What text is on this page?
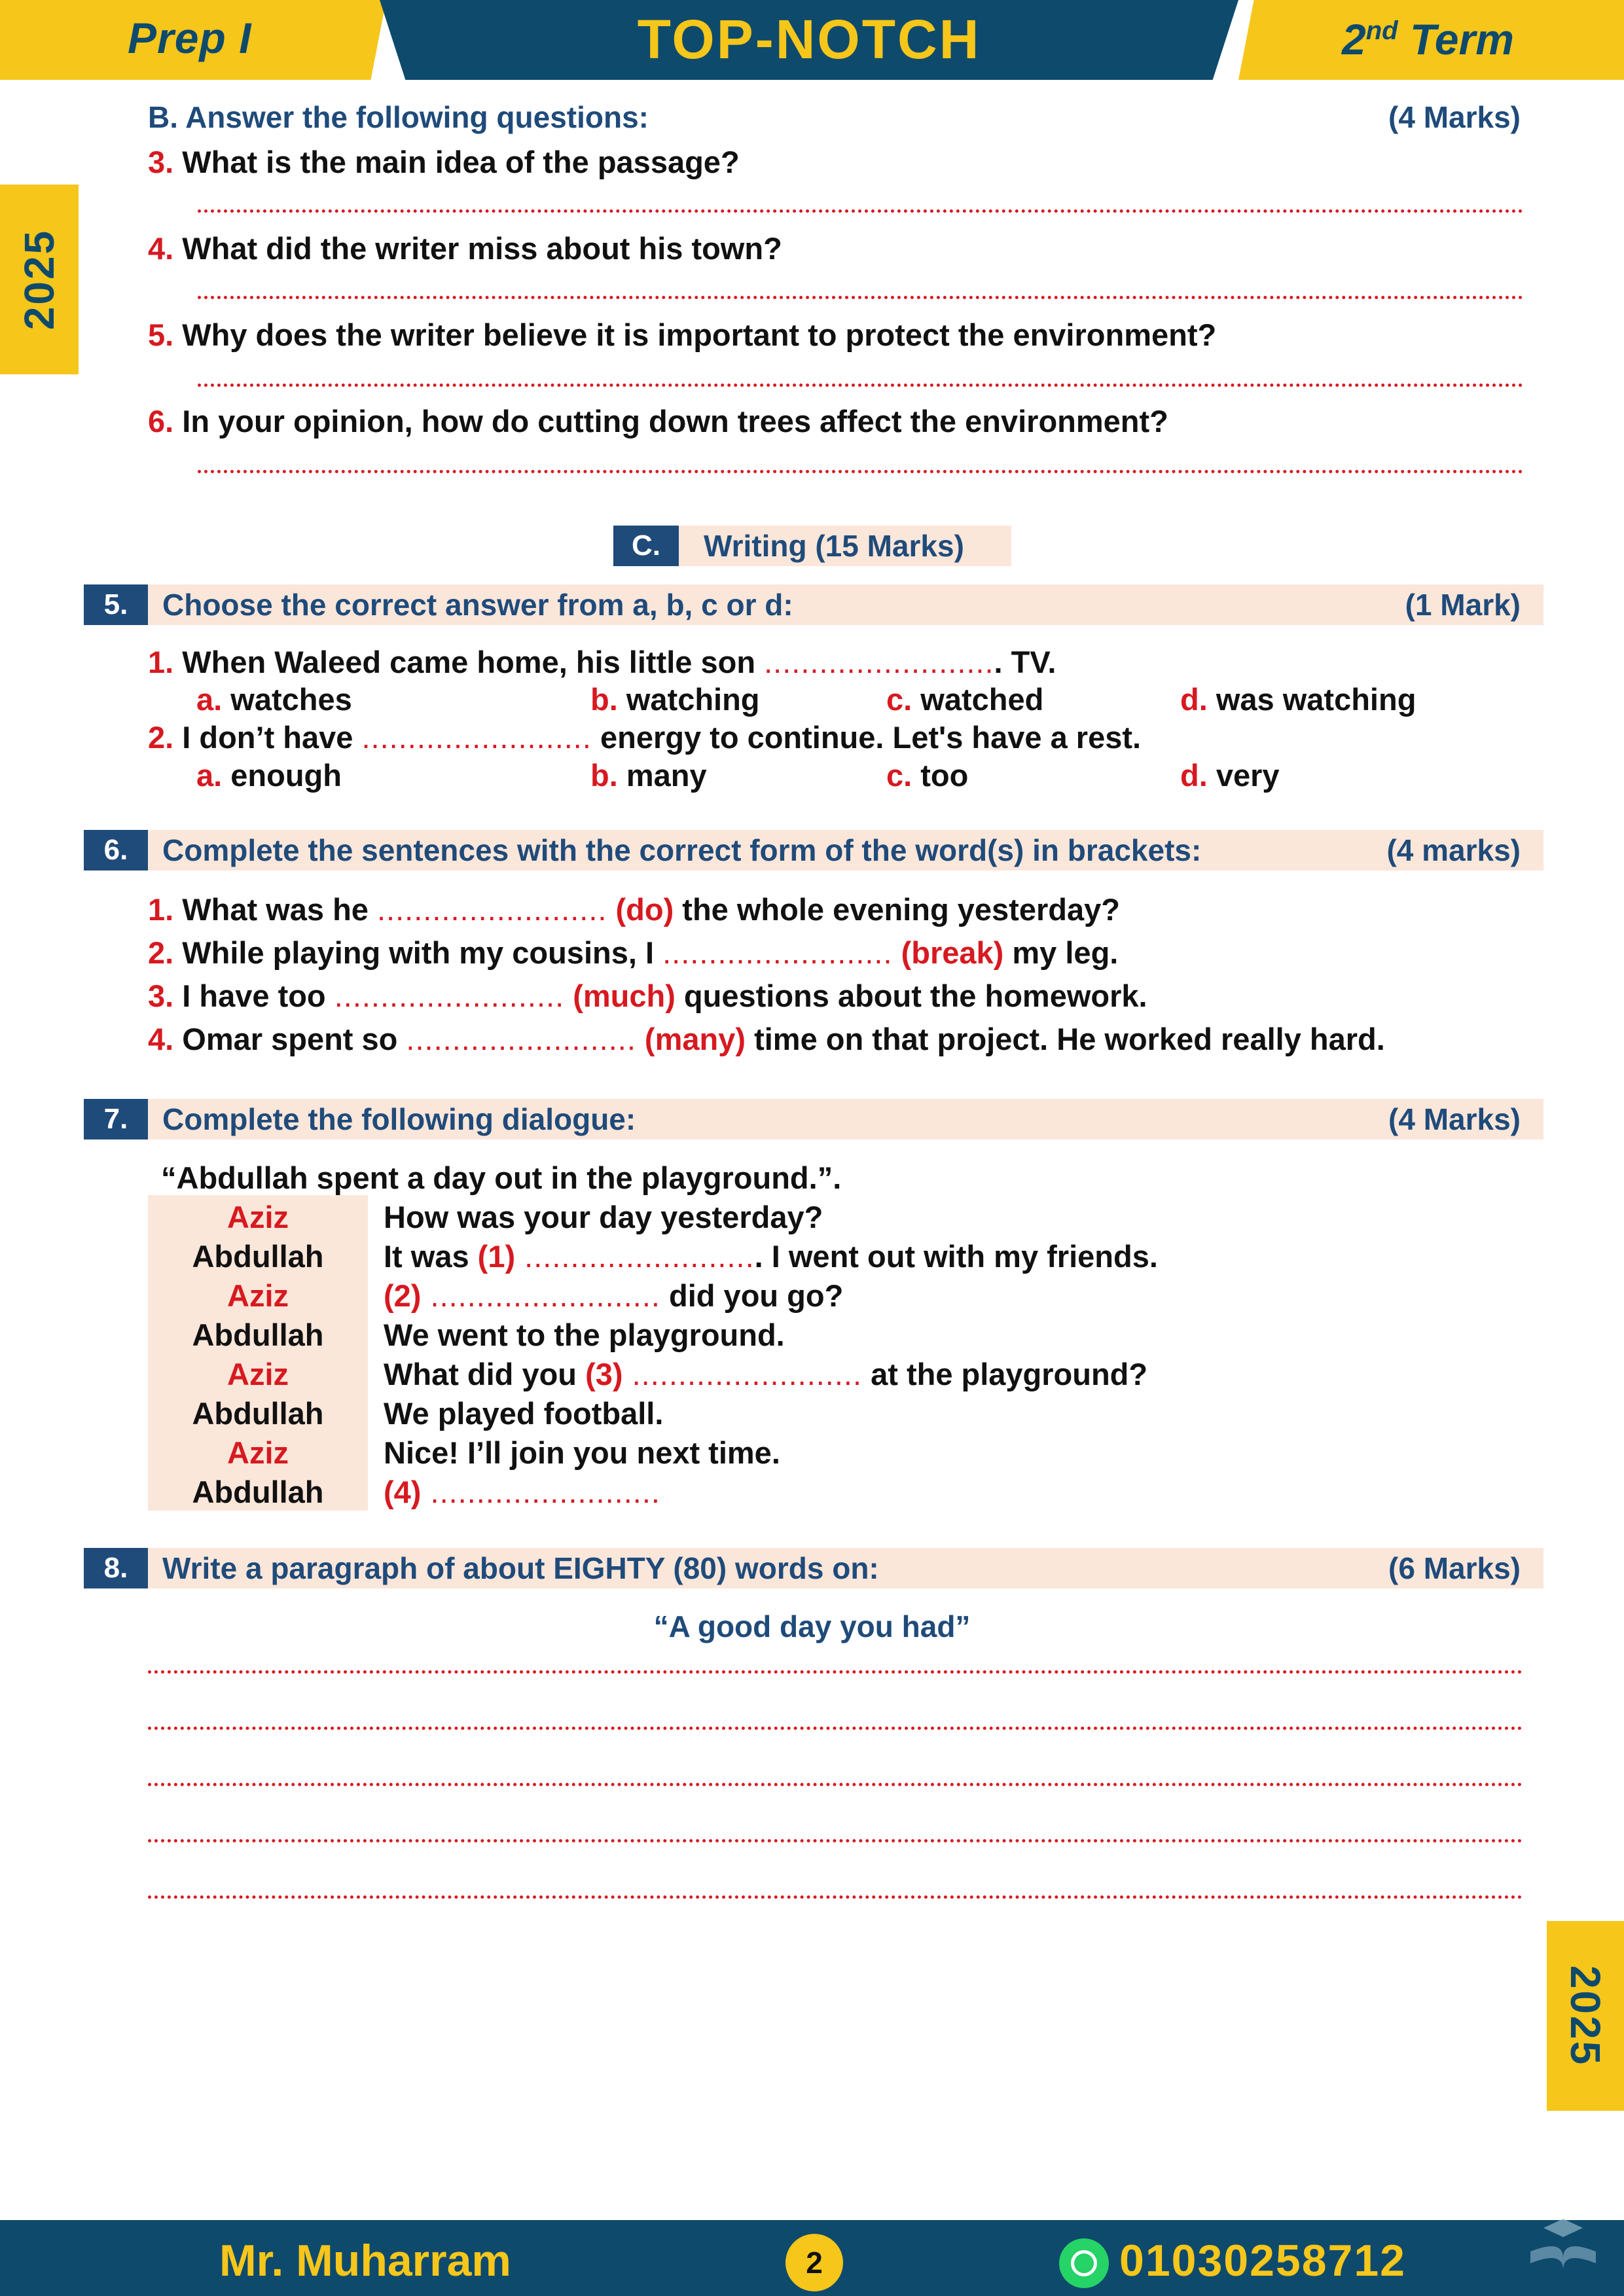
Prep I	TOP-NOTCH	2nd Term
2025
2025
B. Answer the following questions:	(4 Marks)
3. What is the main idea of the passage?
4. What did the writer miss about his town?
5. Why does the writer believe it is important to protect the environment?
6. In your opinion, how do cutting down trees affect the environment?
C.	Writing (15 Marks)
5.	Choose the correct answer from a, b, c or d:	(1 Mark)
1. When Waleed came home, his little son .......................... TV.
a. watches	b. watching	c. watched	d. was watching
2. I don’t have ......................... energy to continue. Let's have a rest.
a. enough	b. many	c. too	d. very
6.	Complete the sentences with the correct form of the word(s) in brackets:	(4 marks)
1. What was he ......................... (do) the whole evening yesterday?
2. While playing with my cousins, I ......................... (break) my leg.
3. I have too ......................... (much) questions about the homework.
4. Omar spent so ......................... (many) time on that project. He worked really hard.
7.	Complete the following dialogue:	(4 Marks)
“Abdullah spent a day out in the playground.”.
Aziz	How was your day yesterday?
Abdullah	It was (1) .......................... I went out with my friends.
Aziz	(2) ......................... did you go?
Abdullah	We went to the playground.
Aziz	What did you (3) ......................... at the playground?
Abdullah	We played football.
Aziz	Nice! I’ll join you next time.
Abdullah	(4) .........................
8.	Write a paragraph of about EIGHTY (80) words on:	(6 Marks)
“A good day you had”
Mr. Muharram	2	01030258712
